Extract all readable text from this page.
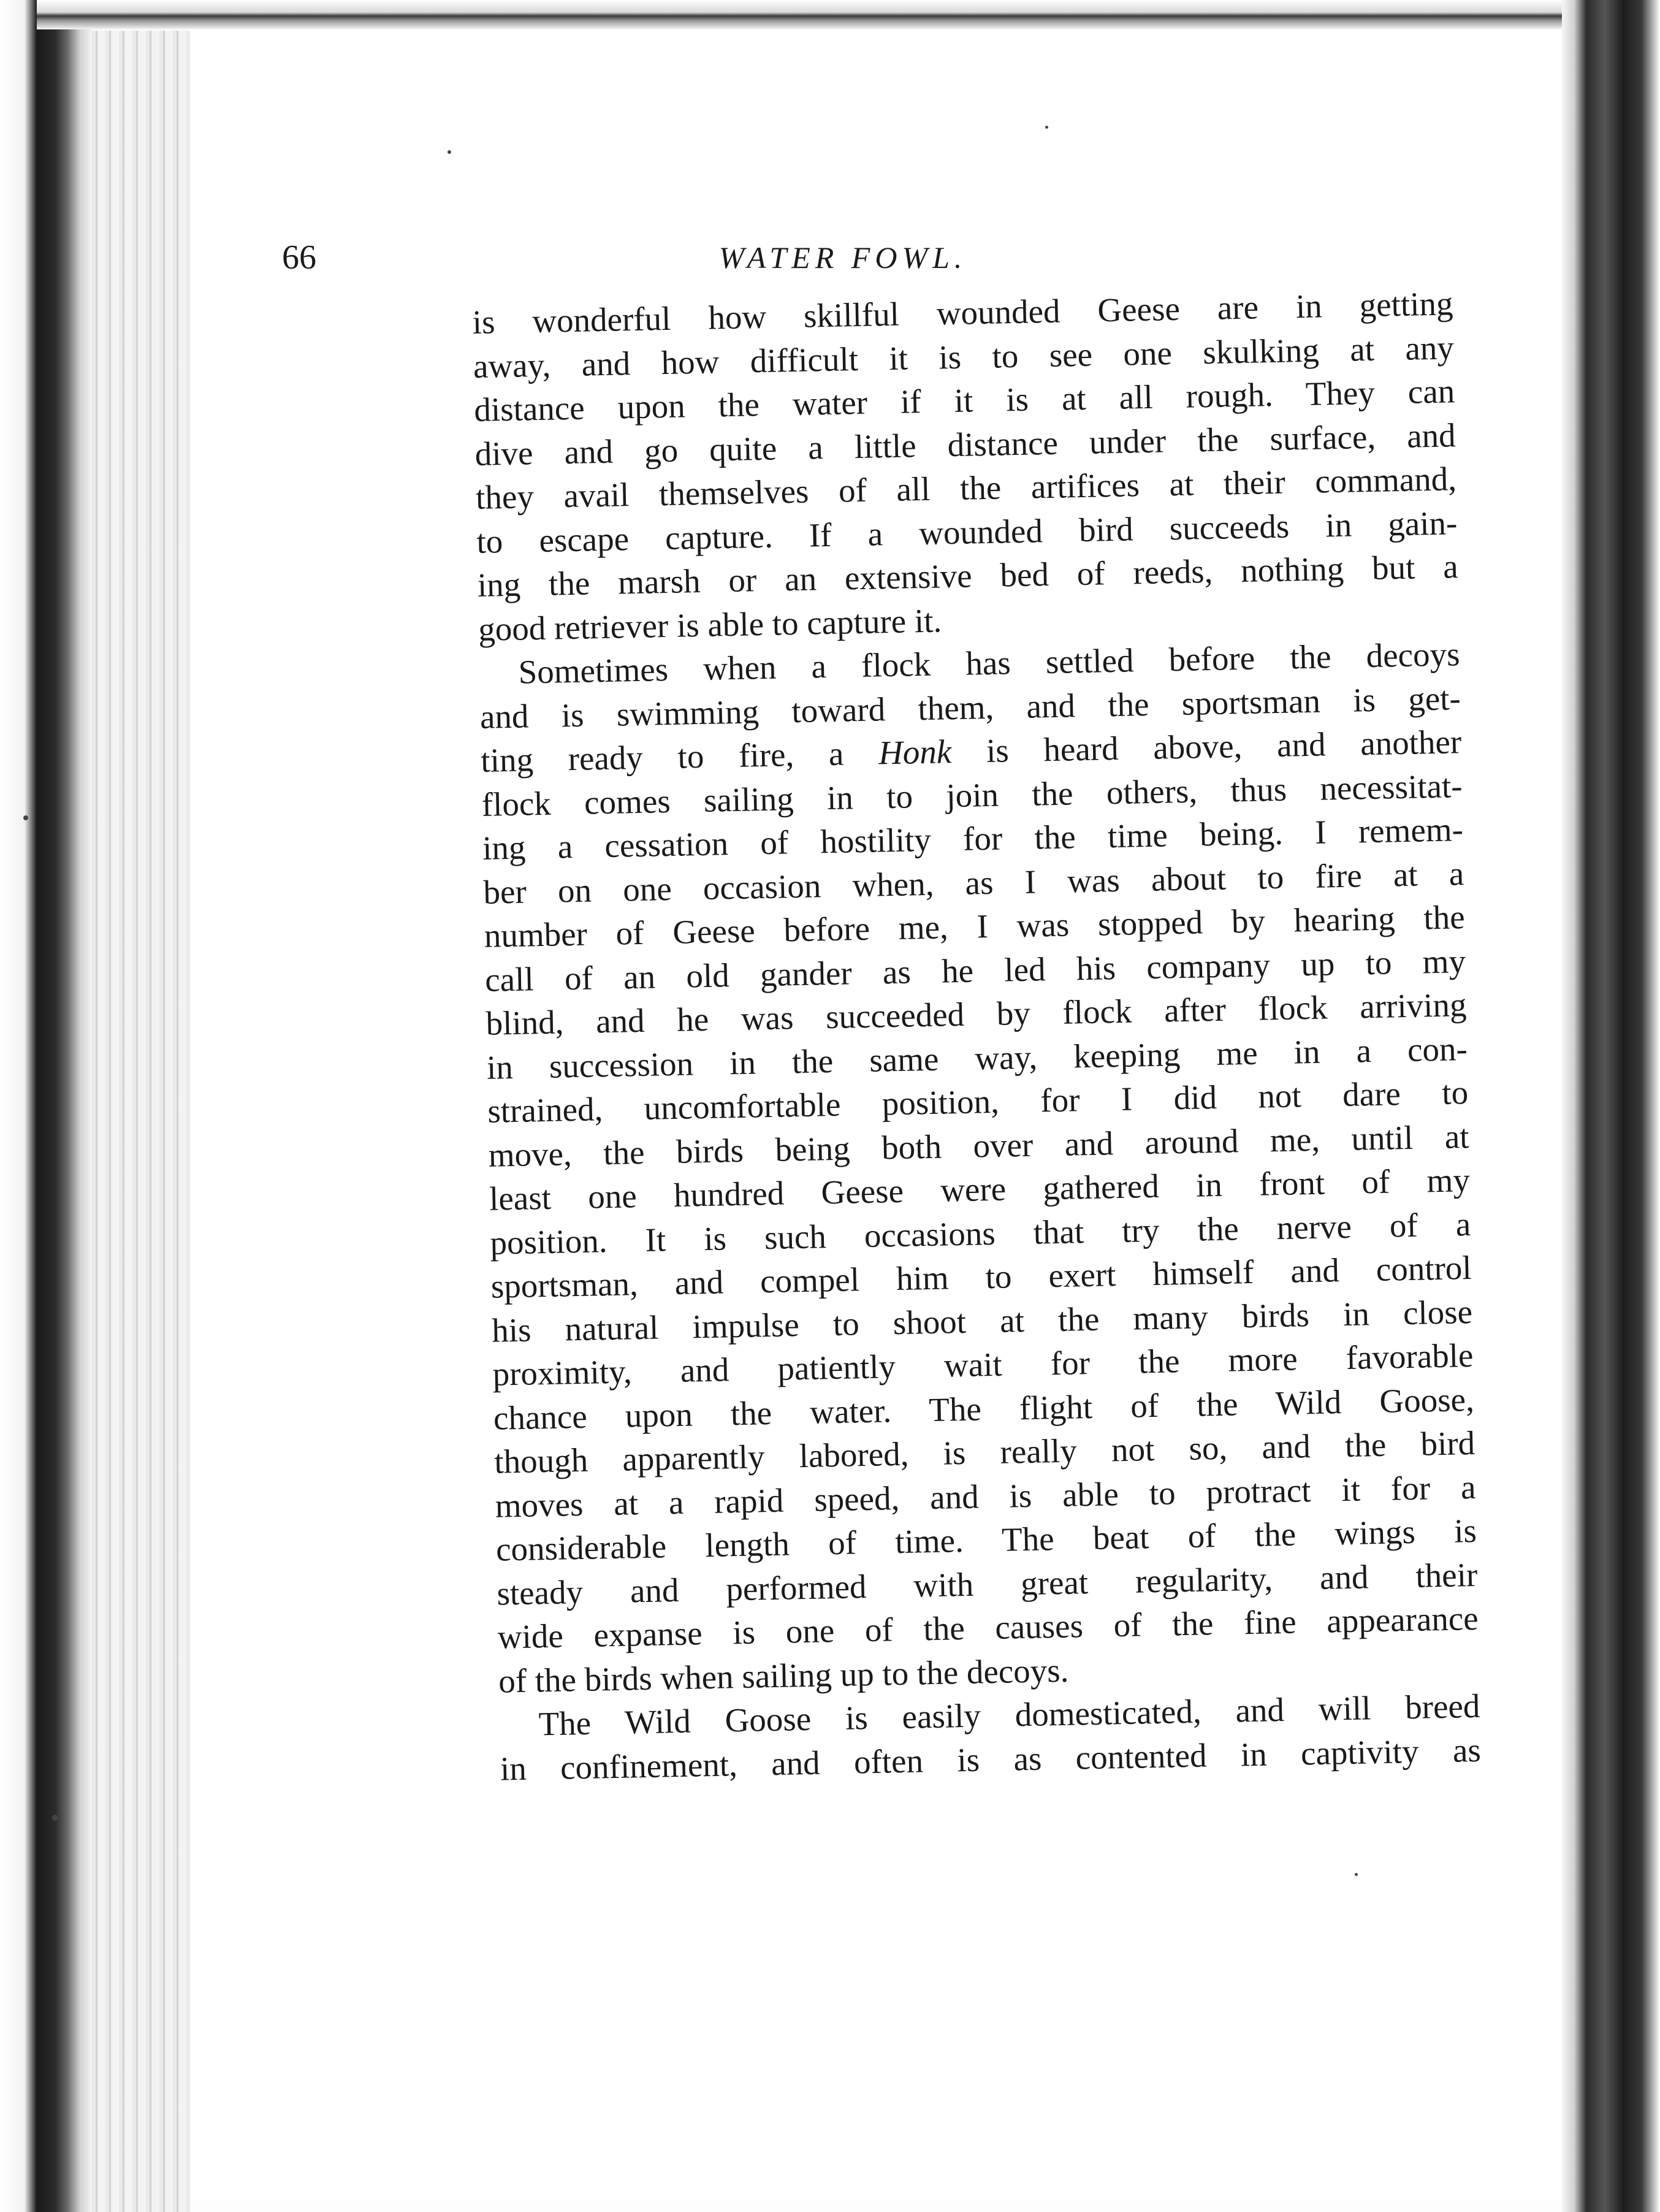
66	WATER FOWL.
is wonderful how skillful wounded Geese are in getting
away, and how difficult it is to see one skulking at any
distance upon the water if it is at all rough. They can
dive and go quite a little distance under the surface, and
they avail themselves of all the artifices at their command,
to escape capture. If a wounded bird succeeds in gain-
ing the marsh or an extensive bed of reeds, nothing but a
good retriever is able to capture it.
Sometimes when a flock has settled before the decoys
and is swimming toward them, and the sportsman is get-
ting ready to fire, a Honk is heard above, and another
flock comes sailing in to join the others, thus necessitat-
ing a cessation of hostility for the time being. I remem-
ber on one occasion when, as I was about to fire at a
number of Geese before me, I was stopped by hearing the
call of an old gander as he led his company up to my
blind, and he was succeeded by flock after flock arriving
in succession in the same way, keeping me in a con-
strained, uncomfortable position, for I did not dare to
move, the birds being both over and around me, until at
least one hundred Geese were gathered in front of my
position. It is such occasions that try the nerve of a
sportsman, and compel him to exert himself and control
his natural impulse to shoot at the many birds in close
proximity, and patiently wait for the more favorable
chance upon the water. The flight of the Wild Goose,
though apparently labored, is really not so, and the bird
moves at a rapid speed, and is able to protract it for a
considerable length of time. The beat of the wings is
steady and performed with great regularity, and their
wide expanse is one of the causes of the fine appearance
of the birds when sailing up to the decoys.
The Wild Goose is easily domesticated, and will breed
in confinement, and often is as contented in captivity as
